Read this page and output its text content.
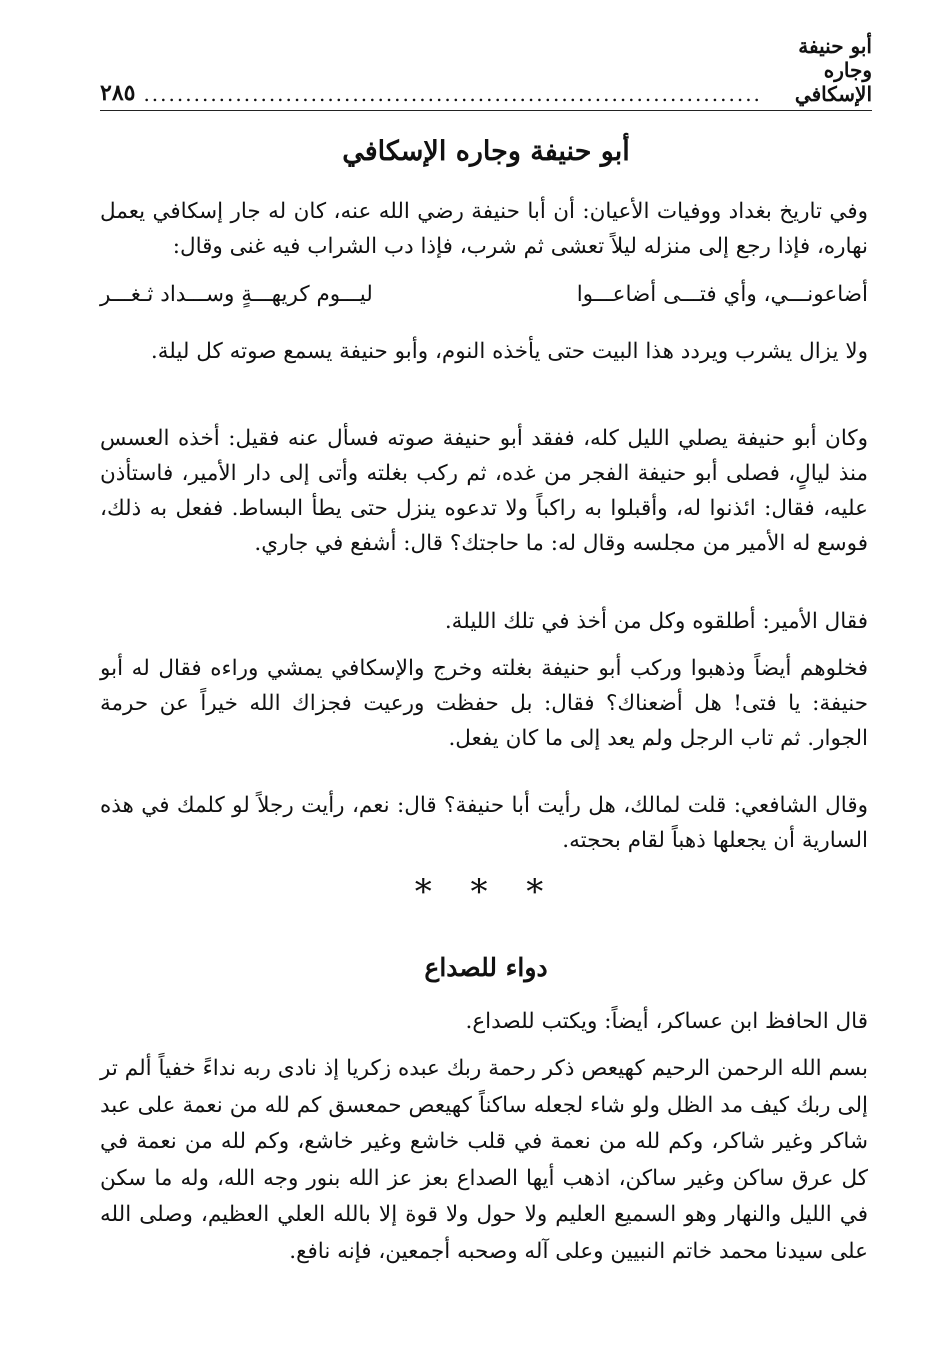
أبو حنيفة وجاره الإسكافي
..........................................................................
٢٨٥
أبو حنيفة وجاره الإسكافي

وفي تاريخ بغداد ووفيات الأعيان: أن أبا حنيفة رضي الله عنه، كان له جار إسكافي يعمل نهاره، فإذا رجع إلى منزله ليلاً تعشى ثم شرب، فإذا دب الشراب فيه غنى وقال:

أضاعونـــي، وأي فتـــى أضاعـــوا
ليـــوم كريهـــةٍ وســـداد ثـغـــر

ولا يزال يشرب ويردد هذا البيت حتى يأخذه النوم، وأبو حنيفة يسمع صوته كل ليلة.

وكان أبو حنيفة يصلي الليل كله، ففقد أبو حنيفة صوته فسأل عنه فقيل: أخذه العسس منذ ليالٍ، فصلى أبو حنيفة الفجر من غده، ثم ركب بغلته وأتى إلى دار الأمير، فاستأذن عليه، فقال: ائذنوا له، وأقبلوا به راكباً ولا تدعوه ينزل حتى يطأ البساط. ففعل به ذلك، فوسع له الأمير من مجلسه وقال له: ما حاجتك؟ قال: أشفع في جاري.

فقال الأمير: أطلقوه وكل من أخذ في تلك الليلة.

فخلوهم أيضاً وذهبوا وركب أبو حنيفة بغلته وخرج والإسكافي يمشي وراءه فقال له أبو حنيفة: يا فتى! هل أضعناك؟ فقال: بل حفظت ورعيت فجزاك الله خيراً عن حرمة الجوار. ثم تاب الرجل ولم يعد إلى ما كان يفعل.

وقال الشافعي: قلت لمالك، هل رأيت أبا حنيفة؟ قال: نعم، رأيت رجلاً لو كلمك في هذه السارية أن يجعلها ذهباً لقام بحجته.

* * *
دواء للصداع

قال الحافظ ابن عساكر، أيضاً: ويكتب للصداع.

بسم الله الرحمن الرحيم كهيعص ذكر رحمة ربك عبده زكريا إذ نادى ربه نداءً خفياً ألم تر إلى ربك كيف مد الظل ولو شاء لجعله ساكناً كهيعص حمعسق كم لله من نعمة على عبد شاكر وغير شاكر، وكم لله من نعمة في قلب خاشع وغير خاشع، وكم لله من نعمة في كل عرق ساكن وغير ساكن، اذهب أيها الصداع بعز عز الله بنور وجه الله، وله ما سكن في الليل والنهار وهو السميع العليم ولا حول ولا قوة إلا بالله العلي العظيم، وصلى الله على سيدنا محمد خاتم النبيين وعلى آله وصحبه أجمعين، فإنه نافع.
